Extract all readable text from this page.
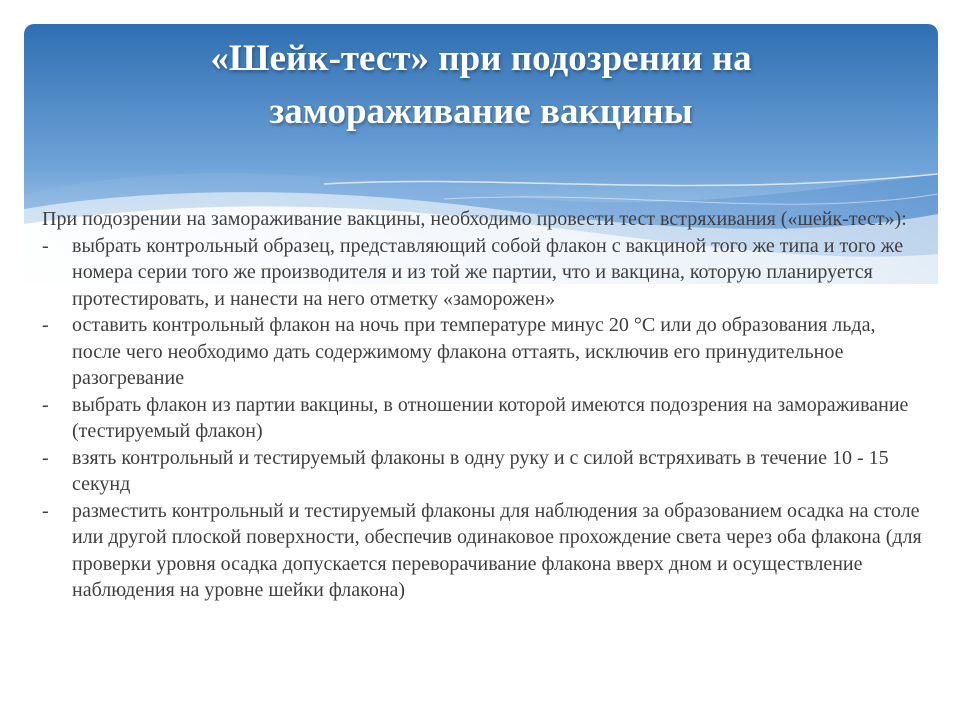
«Шейк-тест» при подозрении на
замораживание вакцины

При подозрении на замораживание вакцины, необходимо провести тест встряхивания («шейк-тест»):

- выбрать контрольный образец, представляющий собой флакон с вакциной того же типа и того же номера серии того же производителя и из той же партии, что и вакцина, которую планируется протестировать, и нанести на него отметку «заморожен»
- оставить контрольный флакон на ночь при температуре минус 20 °С или до образования льда, после чего необходимо дать содержимому флакона оттаять, исключив его принудительное разогревание
- выбрать флакон из партии вакцины, в отношении которой имеются подозрения на замораживание (тестируемый флакон)
- взять контрольный и тестируемый флаконы в одну руку и с силой встряхивать в течение 10 - 15 секунд
- разместить контрольный и тестируемый флаконы для наблюдения за образованием осадка на столе или другой плоской поверхности, обеспечив одинаковое прохождение света через оба флакона (для проверки уровня осадка допускается переворачивание флакона вверх дном и осуществление наблюдения на уровне шейки флакона)
